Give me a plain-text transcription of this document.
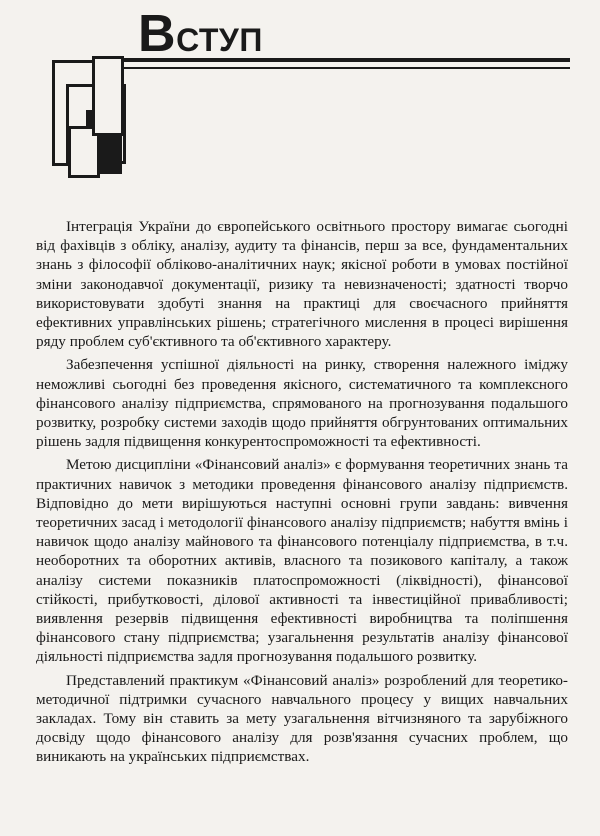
ВСТУП

Інтеграція України до європейського освітнього простору вимагає сьогодні від фахівців з обліку, аналізу, аудиту та фінансів, перш за все, фундаментальних знань з філософії обліково-аналітичних наук; якісної роботи в умовах постійної зміни законодавчої документації, ризику та невизначеності; здатності творчо використовувати здобуті знання на практиці для своєчасного прийняття ефективних управлінських рішень; стратегічного мислення в процесі вирішення ряду проблем суб'єктивного та об'єктивного характеру.

Забезпечення успішної діяльності на ринку, створення належного іміджу неможливі сьогодні без проведення якісного, систематичного та комплексного фінансового аналізу підприємства, спрямованого на прогнозування подальшого розвитку, розробку системи заходів щодо прийняття обгрунтованих оптимальних рішень задля підвищення конкурентоспроможності та ефективності.

Метою дисципліни «Фінансовий аналіз» є формування теоретичних знань та практичних навичок з методики проведення фінансового аналізу підприємств. Відповідно до мети вирішуються наступні основні групи завдань: вивчення теоретичних засад і методології фінансового аналізу підприємств; набуття вмінь і навичок щодо аналізу майнового та фінансового потенціалу підприємства, в т.ч. необоротних та оборотних активів, власного та позикового капіталу, а також аналізу системи показників платоспроможності (ліквідності), фінансової стійкості, прибутковості, ділової активності та інвестиційної привабливості; виявлення резервів підвищення ефективності виробництва та поліпшення фінансового стану підприємства; узагальнення результатів аналізу фінансової діяльності підприємства задля прогнозування подальшого розвитку.

Представлений практикум «Фінансовий аналіз» розроблений для теоретико-методичної підтримки сучасного навчального процесу у вищих навчальних закладах. Тому він ставить за мету узагальнення вітчизняного та зарубіжного досвіду щодо фінансового аналізу для розв'язання сучасних проблем, що виникають на українських підприємствах.
